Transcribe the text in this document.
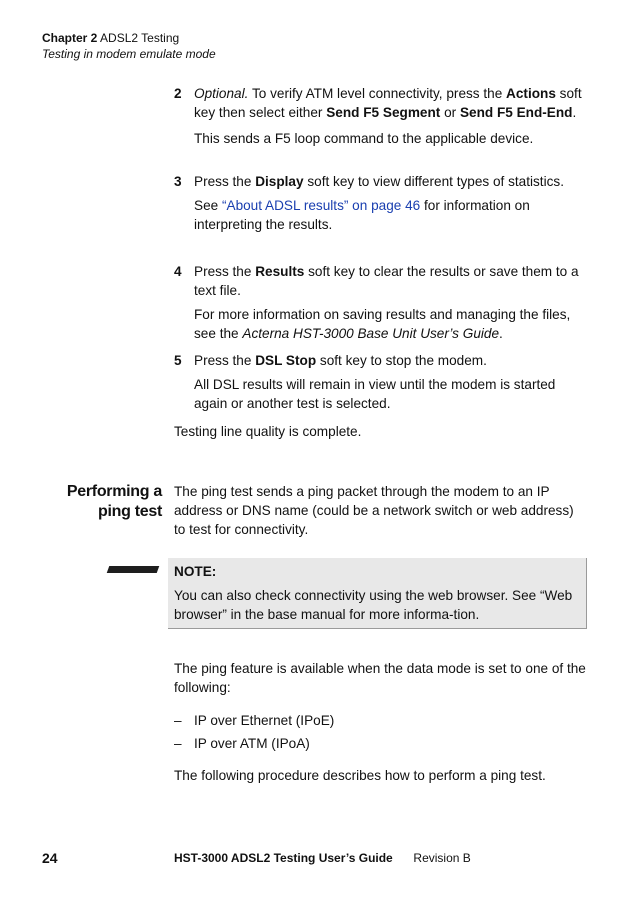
Chapter 2 ADSL2 Testing
Testing in modem emulate mode
2 Optional. To verify ATM level connectivity, press the Actions soft key then select either Send F5 Segment or Send F5 End-End.
This sends a F5 loop command to the applicable device.
3 Press the Display soft key to view different types of statistics.
See “About ADSL results” on page 46 for information on interpreting the results.
4 Press the Results soft key to clear the results or save them to a text file.
For more information on saving results and managing the files, see the Acterna HST-3000 Base Unit User’s Guide.
5 Press the DSL Stop soft key to stop the modem.
All DSL results will remain in view until the modem is started again or another test is selected.
Testing line quality is complete.
Performing a
ping test
The ping test sends a ping packet through the modem to an IP address or DNS name (could be a network switch or web address) to test for connectivity.
NOTE:
You can also check connectivity using the web browser. See “Web browser” in the base manual for more informa-tion.
The ping feature is available when the data mode is set to one of the following:
– IP over Ethernet (IPoE)
– IP over ATM (IPoA)
The following procedure describes how to perform a ping test.
24	HST-3000 ADSL2 Testing User’s Guide Revision B
